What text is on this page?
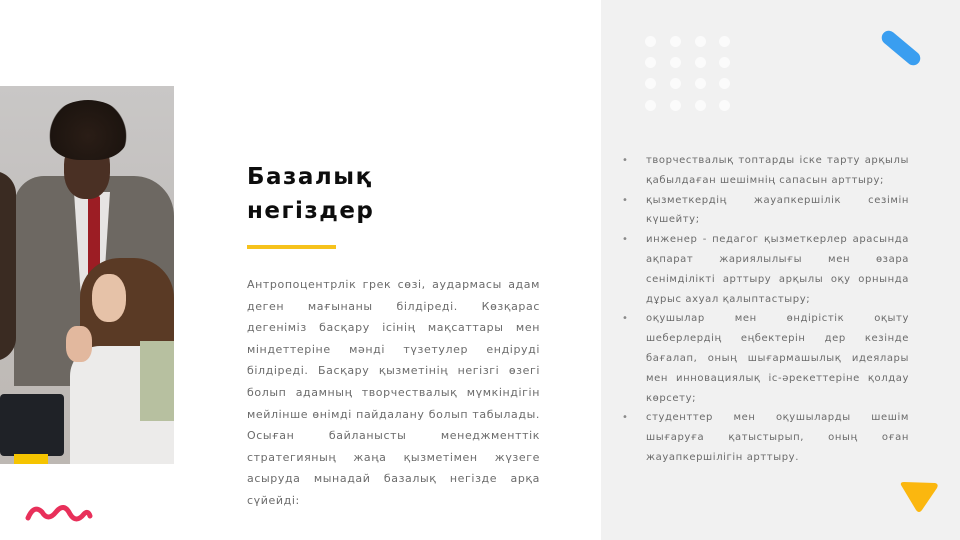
Базалық
негіздер

Антропоцентрлік грек сөзі, аудармасы адам деген мағынаны білдіреді. Көзқарас дегеніміз басқару ісінің мақсаттары мен міндеттеріне мәнді түзетулер ендіруді білдіреді. Басқару қызметінің негізгі өзегі болып адамның творчествалық мүмкіндігін мейлінше өнімді пайдалану болып табылады. Осыған байланысты менеджменттік стратегияның жаңа қызметімен жүзеге асыруда мынадай базалық негізде арқа сүйейді:

•	творчествалық топтарды іске тарту арқылы қабылдаған шешімнің сапасын арттыру;
•	қызметкердің жауапкершілік сезімін күшейту;
•	инженер - педагог қызметкерлер арасында ақпарат жариялылығы мен өзара сенімділікті арттыру арқылы оқу орнында дұрыс ахуал қалыптастыру;
•	оқушылар мен өндірістік оқыту шеберлердің еңбектерін дер кезінде бағалап, оның шығармашылық идеялары мен инновациялық іс-әрекеттеріне қолдау көрсету;
•	студенттер мен оқушыларды шешім шығаруға қатыстырып, оның оған жауапкершілігін арттыру.
